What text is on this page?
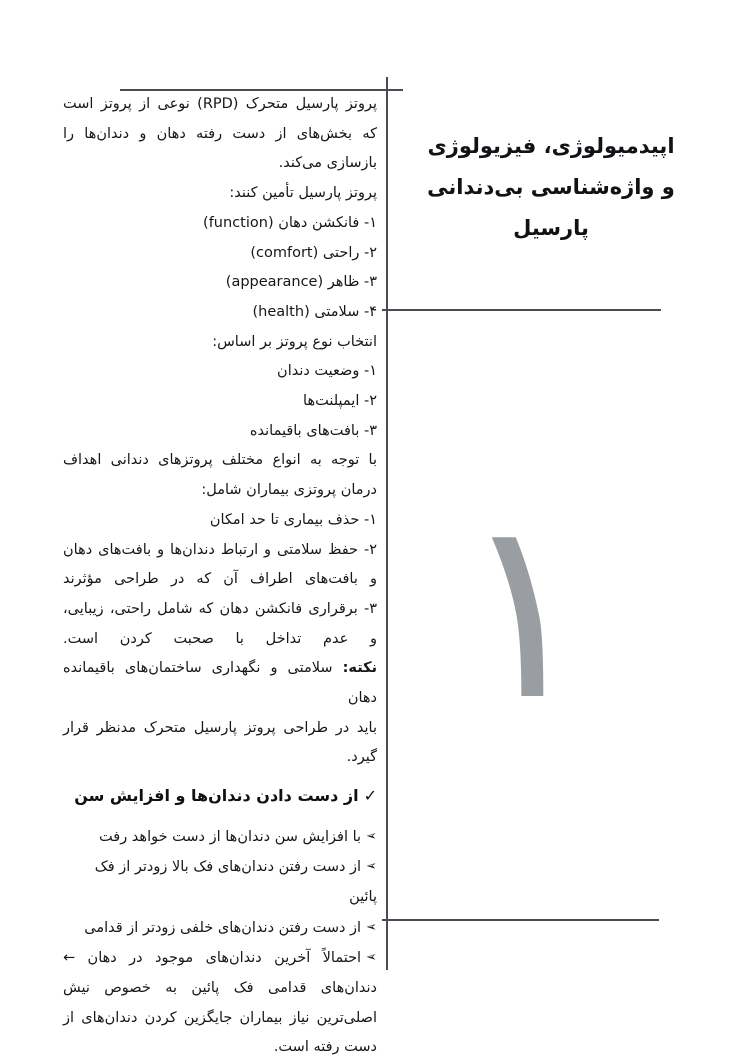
اپیدمیولوژی، فیزیولوژی
و واژه‌شناسی بی‌دندانی
پارسیل
۱
پروتز پارسیل متحرک (RPD) نوعی از پروتز است
که بخش‌های از دست رفته دهان و دندان‌ها را
بازسازی می‌کند.
پروتز پارسیل تأمین کنند:
۱- فانکشن دهان (function)
۲- راحتی (comfort)
۳- ظاهر (appearance)
۴- سلامتی (health)
انتخاب نوع پروتز بر اساس:
۱- وضعیت دندان
۲- ایمپلنت‌ها
۳- بافت‌های باقیمانده
با توجه به انواع مختلف پروتزهای دندانی اهداف
درمان پروتزی بیماران شامل:
۱- حذف بیماری تا حد امکان
۲- حفظ سلامتی و ارتباط دندان‌ها و بافت‌های دهان
و بافت‌های اطراف آن که در طراحی مؤثرند
۳- برقراری فانکشن دهان که شامل راحتی، زیبایی،
و عدم تداخل با صحبت کردن است.
نکته: سلامتی و نگهداری ساختمان‌های باقیمانده دهان
باید در طراحی پروتز پارسیل متحرک مدنظر قرار گیرد.
✓از دست دادن دندان‌ها و افزایش سن
➢با افزایش سن دندان‌ها از دست خواهد رفت
➢از دست رفتن دندان‌های فک بالا زودتر از فک پائین
➢از دست رفتن دندان‌های خلفی زودتر از قدامی
➢احتمالاً آخرین دندان‌های موجود در دهان ←
دندان‌های قدامی فک پائین به خصوص نیش
اصلی‌ترین نیاز بیماران جایگزین کردن دندان‌های از
دست رفته است.
